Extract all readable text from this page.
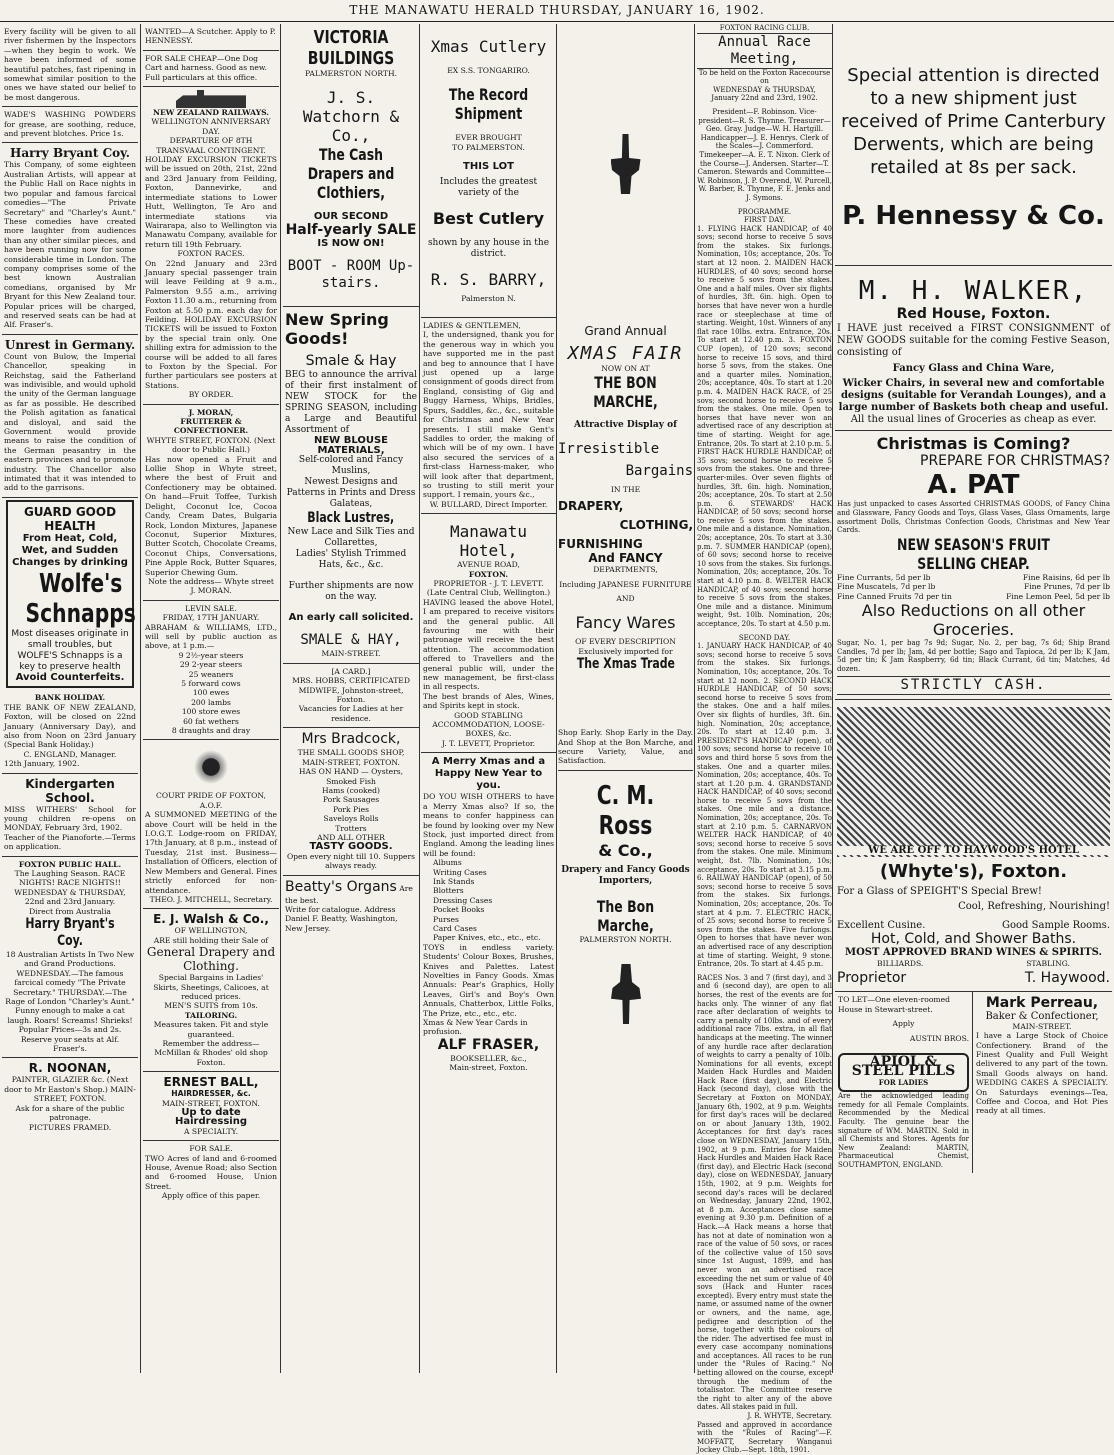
THE MANAWATU HERALD THURSDAY, JANUARY 16, 1902.
Every facility will be given to all river fishermen by the Inspectors—when they begin to work. We have been informed of some beautiful patches, fast ripening in somewhat similar position to the ones we have stated our belief to be most dangerous.
WADE'S WASHING POWDERS for grease, are soothing, reduce, and prevent blotches. Price 1s.
Harry Bryant Coy.
This Company, of some eighteen Australian Artists, will appear at the Public Hall on Race nights in two popular and famous farcical comedies—"The Private Secretary" and "Charley's Aunt." These comedies have created more laughter from audiences than any other similar pieces, and have been running now for some considerable time in London. The company comprises some of the best known Australian comedians, organised by Mr Bryant for this New Zealand tour. Popular prices will be charged, and reserved seats can be had at Alf. Fraser's.
Unrest in Germany.
Count von Bulow, the Imperial Chancellor, speaking in Reichstag, said the Fatherland was indivisible, and would uphold the unity of the German language as far as possible. He described the Polish agitation as fanatical and disloyal, and said the Government would provide means to raise the condition of the German peasantry in the eastern provinces and to promote industry. The Chancellor also intimated that it was intended to add to the garrisons.
GUARD GOOD HEALTH
From Heat, Cold, Wet, and Sudden Changes by drinking
Wolfe's Schnapps
Most diseases originate in small troubles, but WOLFE'S Schnapps is a key to preserve health
Avoid Counterfeits.
BANK HOLIDAY.
THE BANK OF NEW ZEALAND, Foxton, will be closed on 22nd January (Anniversary Day), and also from Noon on 23rd January (Special Bank Holiday.)
C. ENGLAND, Manager.
12th January, 1902.
Kindergarten School.
MISS WITHERS' School for young children re-opens on MONDAY, February 3rd, 1902.
Teacher of the Pianoforte.—Terms on application.
FOXTON PUBLIC HALL.
The Laughing Season. RACE NIGHTS! RACE NIGHTS!!
WEDNESDAY & THURSDAY, 22nd and 23rd January.
Direct from Australia
Harry Bryant's Coy.
18 Australian Artists In Two New and Grand Productions.
WEDNESDAY.—The famous farcical comedy "The Private Secretary." THURSDAY.—The Rage of London "Charley's Aunt."
Funny enough to make a cat laugh. Roars! Screams! Shrieks!
Popular Prices—3s and 2s. Reserve your seats at Alf. Fraser's.
R. NOONAN,
PAINTER, GLAZIER &c. (Next door to Mr Easton's Shop.) MAIN-STREET, FOXTON.
Ask for a share of the public patronage.
PICTURES FRAMED.
WANTED—A Scutcher. Apply to P. HENNESSY.
FOR SALE CHEAP—One Dog Cart and harness. Good as new. Full particulars at this office.
NEW ZEALAND RAILWAYS.
WELLINGTON ANNIVERSARY DAY.
DEPARTURE OF 8TH TRANSVAAL CONTINGENT.
HOLIDAY EXCURSION TICKETS will be issued on 20th, 21st, 22nd and 23rd January from Feilding, Foxton, Dannevirke, and intermediate stations to Lower Hutt, Wellington, Te Aro and intermediate stations via Wairarapa, also to Wellington via Manawatu Company, available for return till 19th February.
FOXTON RACES.
On 22nd January and 23rd January special passenger train will leave Feilding at 9 a.m., Palmerston 9.55 a.m., arriving Foxton 11.30 a.m., returning from Foxton at 5.50 p.m. each day for Feilding. HOLIDAY EXCURSION TICKETS will be issued to Foxton by the special train only. One shilling extra for admission to the course will be added to all fares to Foxton by the Special. For further particulars see posters at Stations.
BY ORDER.
J. MORAN,
FRUITERER & CONFECTIONER.
WHYTE STREET, FOXTON. (Next door to Public Hall.)
Has now opened a Fruit and Lollie Shop in Whyte street, where the best of Fruit and Confectionery may be obtained. On hand—Fruit Toffee, Turkish Delight, Coconut Ice, Cocoa Candy, Cream Dates, Bulgaria Rock, London Mixtures, Japanese Coconut, Superior Mixtures, Butter Scotch, Chocolate Creams, Coconut Chips, Conversations, Pine Apple Rock, Butter Squares, Superior Chewing Gum.
Note the address— Whyte street J. MORAN.
LEVIN SALE.
FRIDAY, 17TH JANUARY.
ABRAHAM & WILLIAMS, LTD., will sell by public auction as above, at 1 p.m.—
9 2½-year steers
29 2-year steers
25 weaners
5 forward cows
100 ewes
200 lambs
100 store ewes
60 fat wethers
8 draughts and dray
COURT PRIDE OF FOXTON, A.O.F.
A SUMMONED MEETING of the above Court will be held in the I.O.G.T. Lodge-room on FRIDAY, 17th January, at 8 p.m., instead of Tuesday, 21st inst. Business—Installation of Officers, election of New Members and General. Fines strictly enforced for non-attendance.
THEO. J. MITCHELL, Secretary.
E. J. Walsh & Co.,
OF WELLINGTON,
ARE still holding their Sale of
General Drapery and Clothing.
Special Bargains in Ladies' Skirts, Sheetings, Calicoes, at reduced prices.
MEN'S SUITS from 10s.
TAILORING.
Measures taken. Fit and style guaranteed.
Remember the address— McMillan & Rhodes' old shop Foxton.
ERNEST BALL,
HAIRDRESSER, &c.
MAIN-STREET, FOXTON.
Up to date Hairdressing
A SPECIALTY.
FOR SALE.
TWO Acres of land and 6-roomed House, Avenue Road; also Section and 6-roomed House, Union Street.
Apply office of this paper.
VICTORIA BUILDINGS
PALMERSTON NORTH.
J. S. Watchorn & Co.,
The Cash Drapers and Clothiers,
OUR SECOND
Half-yearly SALE
IS NOW ON!
BOOT - ROOM Up-stairs.
New Spring Goods!
Smale & Hay
BEG to announce the arrival of their first instalment of NEW STOCK for the SPRING SEASON, including a Large and Beautiful Assortment of
NEW BLOUSE MATERIALS,
Self-colored and Fancy Muslins,
Newest Designs and Patterns in Prints and Dress Galateas,
Black Lustres,
New Lace and Silk Ties and Collarettes,
Ladies' Stylish Trimmed Hats, &c., &c.
Further shipments are now on the way.
An early call solicited.
SMALE & HAY,
MAIN-STREET.
[A CARD.]
MRS. HOBBS, CERTIFICATED MIDWIFE, Johnston-street, Foxton.
Vacancies for Ladies at her residence.
Mrs Bradcock,
THE SMALL GOODS SHOP,
MAIN-STREET, FOXTON.
HAS ON HAND — Oysters,
Smoked Fish
Hams (cooked)
Pork Sausages
Pork Pies
Saveloys Rolls
Trotters
AND ALL OTHER
TASTY GOODS.
Open every night till 10. Suppers always ready.
Beatty's Organs Are the best.
Write for catalogue. Address Daniel F. Beatty, Washington, New Jersey.
Xmas Cutlery
EX S.S. TONGARIRO.
The Record Shipment
EVER BROUGHT
TO PALMERSTON.
THIS LOT
Includes the greatest variety of the
Best Cutlery
shown by any house in the district.
R. S. BARRY,
Palmerston N.
LADIES & GENTLEMEN,
I, the undersigned, thank you for the generous way in which you have supported me in the past and beg to announce that I have just opened up a large consignment of goods direct from England, consisting of Gig and Buggy Harness, Whips, Bridles, Spurs, Saddles, &c., &c., suitable for Christmas and New Year presents. I still make Gent's Saddles to order, the making of which will be of my own. I have also secured the services of a first-class Harness-maker, who will look after that department, so trusting to still merit your support. I remain, yours &c.,
W. BULLARD, Direct Importer.
Manawatu Hotel,
AVENUE ROAD,
FOXTON.
PROPRIETOR - J. T. LEVETT.
(Late Central Club, Wellington.)
HAVING leased the above Hotel, I am prepared to receive visitors and the general public. All favouring me with their patronage will receive the best attention. The accommodation offered to Travellers and the general public will, under the new management, be first-class in all respects.
The best brands of Ales, Wines, and Spirits kept in stock.
GOOD STABLING ACCOMMODATION, LOOSE-BOXES, &c.
J. T. LEVETT, Proprietor.
A Merry Xmas and a Happy New Year to you.
DO YOU WISH OTHERS to have a Merry Xmas also? If so, the means to confer happiness can be found by looking over my New Stock, just imported direct from England. Among the leading lines will be found:
Albums
Writing Cases
Ink Stands
Blotters
Dressing Cases
Pocket Books
Purses
Card Cases
Paper Knives, etc., etc., etc.
TOYS in endless variety. Students' Colour Boxes, Brushes, Knives and Palettes. Latest Novelties in Fancy Goods. Xmas Annuals: Pear's Graphics, Holly Leaves, Girl's and Boy's Own Annuals, Chatterbox, Little Folks, The Prize, etc., etc., etc.
Xmas & New Year Cards in profusion.
ALF FRASER,
BOOKSELLER, &c.,
Main-street, Foxton.
Grand Annual
XMAS FAIR
NOW ON AT
THE BON MARCHE,
Attractive Display of
Irresistible
Bargains
IN THE
DRAPERY,
CLOTHING,
FURNISHING
And FANCY
DEPARTMENTS,
Including JAPANESE FURNITURE
AND
Fancy Wares
OF EVERY DESCRIPTION
Exclusively imported for
The Xmas Trade
Shop Early. Shop Early in the Day. And Shop at the Bon Marche, and secure Variety, Value, and Satisfaction.
C. M. Ross
& Co.,
Drapery and Fancy Goods Importers,
The Bon Marche,
PALMERSTON NORTH.
FOXTON RACING CLUB.
Annual Race Meeting,
To be held on the Foxton Racecourse on
WEDNESDAY & THURSDAY,
January 22nd and 23rd, 1902.
President—F. Robinson. Vice-president—R. S. Thynne. Treasurer—Geo. Gray. Judge—W. H. Hartgill. Handicapper—J. E. Henrys. Clerk of the Scales—J. Commerford. Timekeeper—A. E. T. Nixon. Clerk of the Course—J. Andersen. Starter—T. Cameron. Stewards and Committee—W. Robinson, J. P. Overend, W. Purcell, W. Barber, R. Thynne, F. E. Jenks and J. Symons.
PROGRAMME.
FIRST DAY.
1. FLYING HACK HANDICAP, of 40 sovs; second horse to receive 5 sovs from the stakes. Six furlongs. Nomination, 10s; acceptance, 20s. To start at 12 noon. 2. MAIDEN HACK HURDLES, of 40 sovs; second horse to receive 5 sovs from the stakes. One and a half miles. Over six flights of hurdles, 3ft. 6in. high. Open to horses that have never won a hurdle race or steeplechase at time of starting. Weight, 10st. Winners of any flat race 10lbs. extra. Entrance, 20s. To start at 12.40 p.m. 3. FOXTON CUP (open), of 120 sovs; second horse to receive 15 sovs, and third horse 5 sovs, from the stakes. One and a quarter miles. Nomination, 20s; acceptance, 40s. To start at 1.20 p.m. 4. MAIDEN HACK RACE, of 25 sovs; second horse to receive 5 sovs from the stakes. One mile. Open to horses that have never won an advertised race of any description at time of starting. Weight for age. Entrance, 20s. To start at 2.10 p.m. 5. FIRST HACK HURDLE HANDICAP, of 35 sovs; second horse to receive 5 sovs from the stakes. One and three-quarter-miles. Over seven flights of hurdles, 3ft. 6in. high. Nomination, 20s; acceptance, 20s. To start at 2.50 p.m. 6. STEWARDS' HACK HANDICAP, of 50 sovs; second horse to receive 5 sovs from the stakes. One mile and a distance. Nomination, 20s; acceptance, 20s. To start at 3.30 p.m. 7. SUMMER HANDICAP (open), of 60 sovs; second horse to receive 10 sovs from the stakes. Six furlongs. Nomination, 20s; acceptance, 20s. To start at 4.10 p.m. 8. WELTER HACK HANDICAP, of 40 sovs; second horse to receive 5 sovs from the stakes. One mile and a distance. Minimum weight, 9st. 10lb. Nomination, 20s; acceptance, 20s. To start at 4.50 p.m.
SECOND DAY.
1. JANUARY HACK HANDICAP, of 40 sovs; second horse to receive 5 sovs from the stakes. Six furlongs. Nomination, 10s; acceptance, 20s. To start at 12 noon. 2. SECOND HACK HURDLE HANDICAP, of 50 sovs; second horse to receive 5 sovs from the stakes. One and a half miles. Over six flights of hurdles, 3ft. 6in. high. Nomination, 20s; acceptance, 20s. To start at 12.40 p.m. 3. PRESIDENT'S HANDICAP (open), of 100 sovs; second horse to receive 10 sovs and third horse 5 sovs from the stakes. One and a quarter miles. Nomination, 20s; acceptance, 40s. To start at 1.20 p.m. 4. GRANDSTAND HACK HANDICAP, of 40 sovs; second horse to receive 5 sovs from the stakes. One mile and a distance. Nomination, 20s; acceptance, 20s. To start at 2.10 p.m. 5. CARNARVON WELTER HACK HANDICAP, of 40 sovs; second horse to receive 5 sovs from the stakes. One mile. Minimum weight, 8st. 7lb. Nomination, 10s; acceptance, 20s. To start at 3.15 p.m. 6. RAILWAY HANDICAP (open), of 50 sovs; second horse to receive 5 sovs from the stakes. Six furlongs. Nomination, 20s; acceptance, 20s. To start at 4 p.m. 7. ELECTRIC HACK, of 25 sovs; second horse to receive 5 sovs from the stakes. Five furlongs. Open to horses that have never won an advertised race of any description at time of starting. Weight, 9 stone. Entrance, 20s. To start at 4.45 p.m.
RACES Nos. 3 and 7 (first day), and 3 and 6 (second day), are open to all horses, the rest of the events are for hacks only. The winner of any flat race after declaration of weights to carry a penalty of 10lbs. and of every additional race 7lbs. extra, in all flat handicaps at the meeting. The winner of any hurdle race after declaration of weights to carry a penalty of 10lb. Nominations for all events, except Maiden Hack Hurdles and Maiden Hack Race (first day), and Electric Hack (second day), close with the Secretary at Foxton on MONDAY, January 6th, 1902, at 9 p.m. Weights for first day's races will be declared on or about January 13th, 1902. Acceptances for first day's races close on WEDNESDAY, January 15th, 1902, at 9 p.m. Entries for Maiden Hack Hurdles and Maiden Hack Race (first day), and Electric Hack (second day), close on WEDNESDAY, January 15th, 1902, at 9 p.m. Weights for second day's races will be declared on Wednesday, January 22nd, 1902, at 8 p.m. Acceptances close same evening at 9.30 p.m. Definition of a Hack.—A Hack means a horse that has not at date of nomination won a race of the value of 50 sovs, or races of the collective value of 150 sovs since 1st August, 1899, and has never won an advertised race exceeding the net sum or value of 40 sovs (Hack and Hunter races excepted). Every entry must state the name, or assumed name of the owner or owners, and the name, age, pedigree and description of the horse, together with the colours of the rider. The advertised fee must in every case accompany nominations and acceptances. All races to be run under the "Rules of Racing." No betting allowed on the course, except through the medium of the totalisator. The Committee reserve the right to alter any of the above dates. All stakes paid in full.
J. R. WHYTE, Secretary.
Passed and approved in accordance with the "Rules of Racing"—F. MOFFATT, Secretary Wanganui Jockey Club.—Sept. 18th, 1901.
Special attention is directed to a new shipment just received of Prime Canterbury Derwents, which are being retailed at 8s per sack.
P. Hennessy & Co.
M. H. WALKER,
Red House, Foxton.
I HAVE just received a FIRST CONSIGNMENT of NEW GOODS suitable for the coming Festive Season, consisting of
Fancy Glass and China Ware,
Wicker Chairs, in several new and comfortable designs (suitable for Verandah Lounges), and a large number of Baskets both cheap and useful.
All the usual lines of Groceries as cheap as ever.
Christmas is Coming?
PREPARE FOR CHRISTMAS?
A. PAT
Has just unpacked to cases Assorted CHRISTMAS GOODS, of Fancy China and Glassware, Fancy Goods and Toys, Glass Vases, Glass Ornaments, large assortment Dolls, Christmas Confection Goods, Christmas and New Year Cards.
NEW SEASON'S FRUIT SELLING CHEAP.
Fine Currants, 5d per lb	Fine Raisins, 6d per lb
Fine Muscatels, 7d per lb	Fine Prunes, 7d per lb
Fine Canned Fruits 7d per tin	Fine Lemon Peel, 5d per lb
Also Reductions on all other Groceries.
Sugar, No. 1, per bag 7s 9d; Sugar, No. 2, per bag, 7s 6d; Ship Brand Candles, 7d per lb; Jam, 4d per bottle; Sago and Tapioca, 2d per lb; K Jam, 5d per tin; K Jam Raspberry, 6d tin; Black Currant, 6d tin; Matches, 4d dozen.
STRICTLY CASH.
WE ARE OFF TO HAYWOOD'S HOTEL
(Whyte's), Foxton.
For a Glass of SPEIGHT'S Special Brew!
Cool, Refreshing, Nourishing!
Excellent Cusine.	Good Sample Rooms.
Hot, Cold, and Shower Baths.
MOST APPROVED BRAND WINES & SPIRITS.
BILLIARDS.	STABLING.
Proprietor	T. Haywood.
TO LET—One eleven-roomed House in Stewart-street.
Apply
AUSTIN BROS.
APIOL & STEEL PILLS FOR LADIES
Are the acknowledged leading remedy for all Female Complaints. Recommended by the Medical Faculty. The genuine bear the signature of WM. MARTIN. Sold in all Chemists and Stores. Agents for New Zealand: MARTIN, Pharmaceutical Chemist, SOUTHAMPTON, ENGLAND.
Mark Perreau,
Baker & Confectioner,
MAIN-STREET.
I have a Large Stock of Choice Confectionery. Brand of the Finest Quality and Full Weight delivered to any part of the town. Small Goods always on hand. WEDDING CAKES A SPECIALTY. On Saturdays evenings—Tea, Coffee and Cocoa, and Hot Pies ready at all times.
